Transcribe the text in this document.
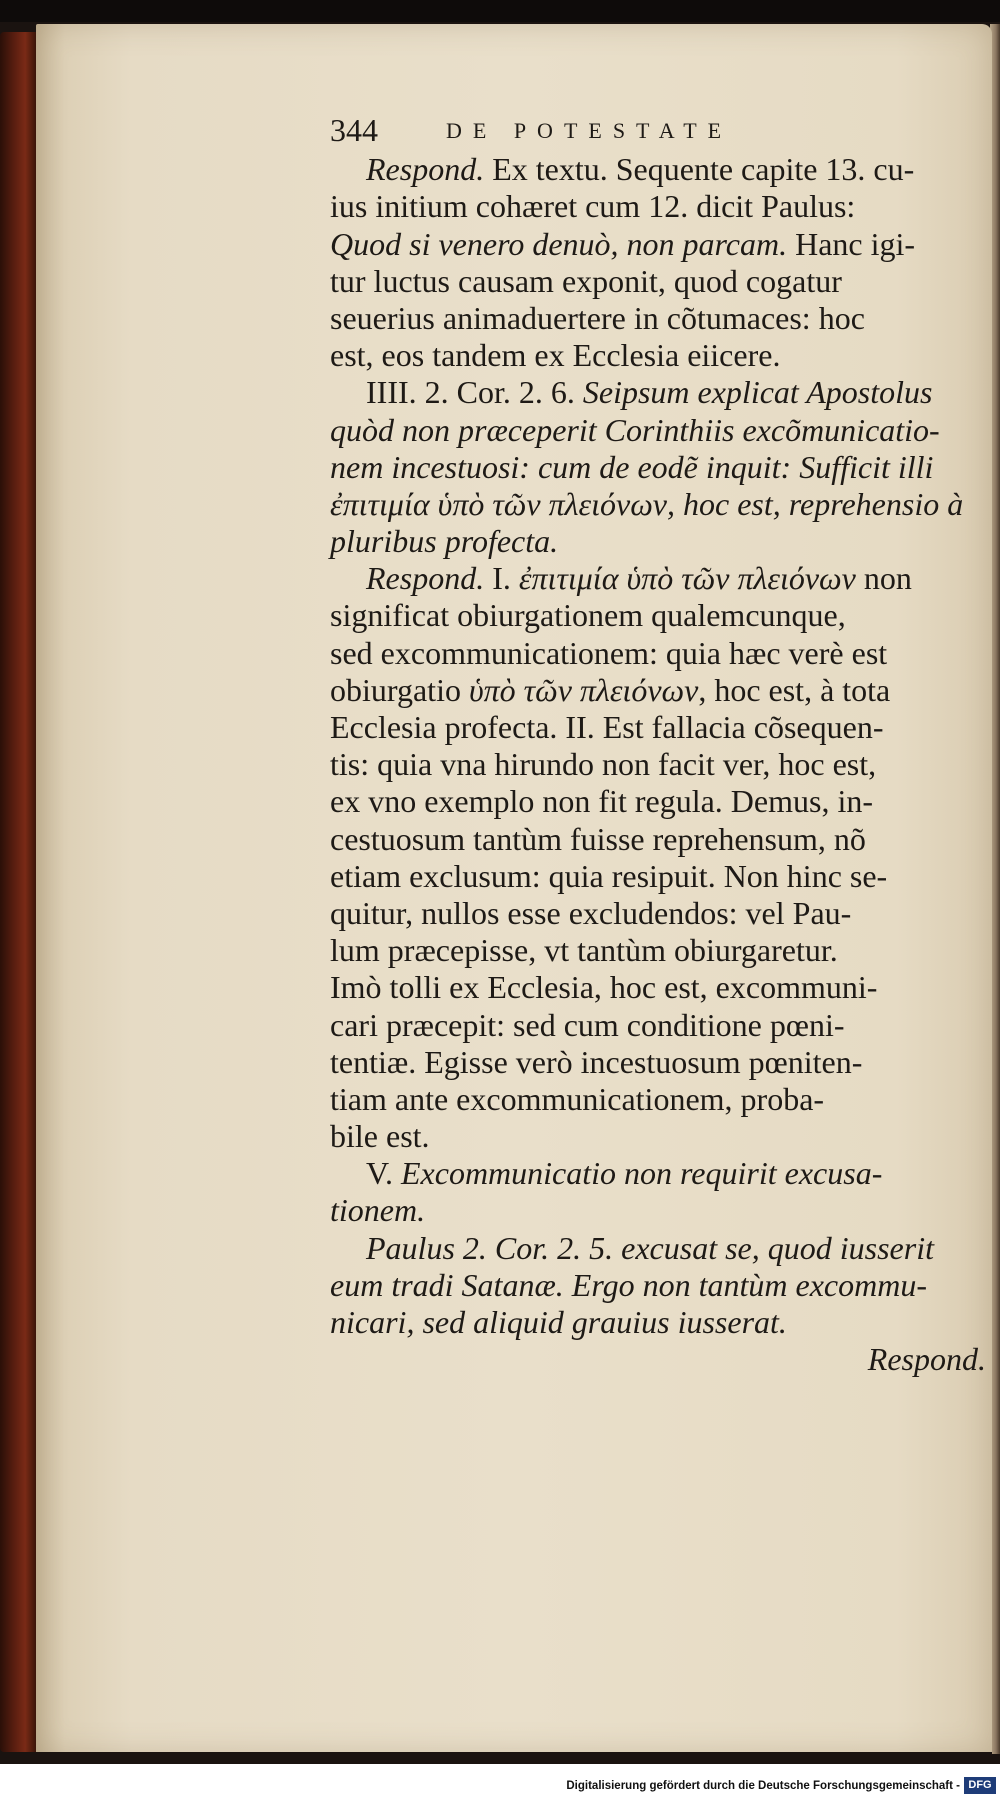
344	DE POTESTATE
Respond. Ex textu. Sequente capite 13. cu-
ius initium cohæret cum 12. dicit Paulus:
Quod si venero denuò, non parcam. Hanc igi-
tur luctus causam exponit, quod cogatur
seuerius animaduertere in cõtumaces: hoc
est, eos tandem ex Ecclesia eiicere.
IIII. 2. Cor. 2. 6. Seipsum explicat Apostolus
quòd non præceperit Corinthiis excõmunicatio-
nem incestuosi: cum de eodẽ inquit: Sufficit illi
ἐπιτιμία ὑπὸ τῶν πλειόνων, hoc est, reprehensio à
pluribus profecta.
Respond. I. ἐπιτιμία ὑπὸ τῶν πλειόνων non
significat obiurgationem qualemcunque,
sed excommunicationem: quia hæc verè est
obiurgatio ὑπὸ τῶν πλειόνων, hoc est, à tota
Ecclesia profecta. II. Est fallacia cõsequen-
tis: quia vna hirundo non facit ver, hoc est,
ex vno exemplo non fit regula. Demus, in-
cestuosum tantùm fuisse reprehensum, nõ
etiam exclusum: quia resipuit. Non hinc se-
quitur, nullos esse excludendos: vel Pau-
lum præcepisse, vt tantùm obiurgaretur.
Imò tolli ex Ecclesia, hoc est, excommuni-
cari præcepit: sed cum conditione pœni-
tentiæ. Egisse verò incestuosum pœniten-
tiam ante excommunicationem, proba-
bile est.
V. Excommunicatio non requirit excusa-
tionem.
Paulus 2. Cor. 2. 5. excusat se, quod iusserit
eum tradi Satanæ. Ergo non tantùm excommu-
nicari, sed aliquid grauius iusserat.
Respond.
Digitalisierung gefördert durch die Deutsche Forschungsgemeinschaft - DFG
